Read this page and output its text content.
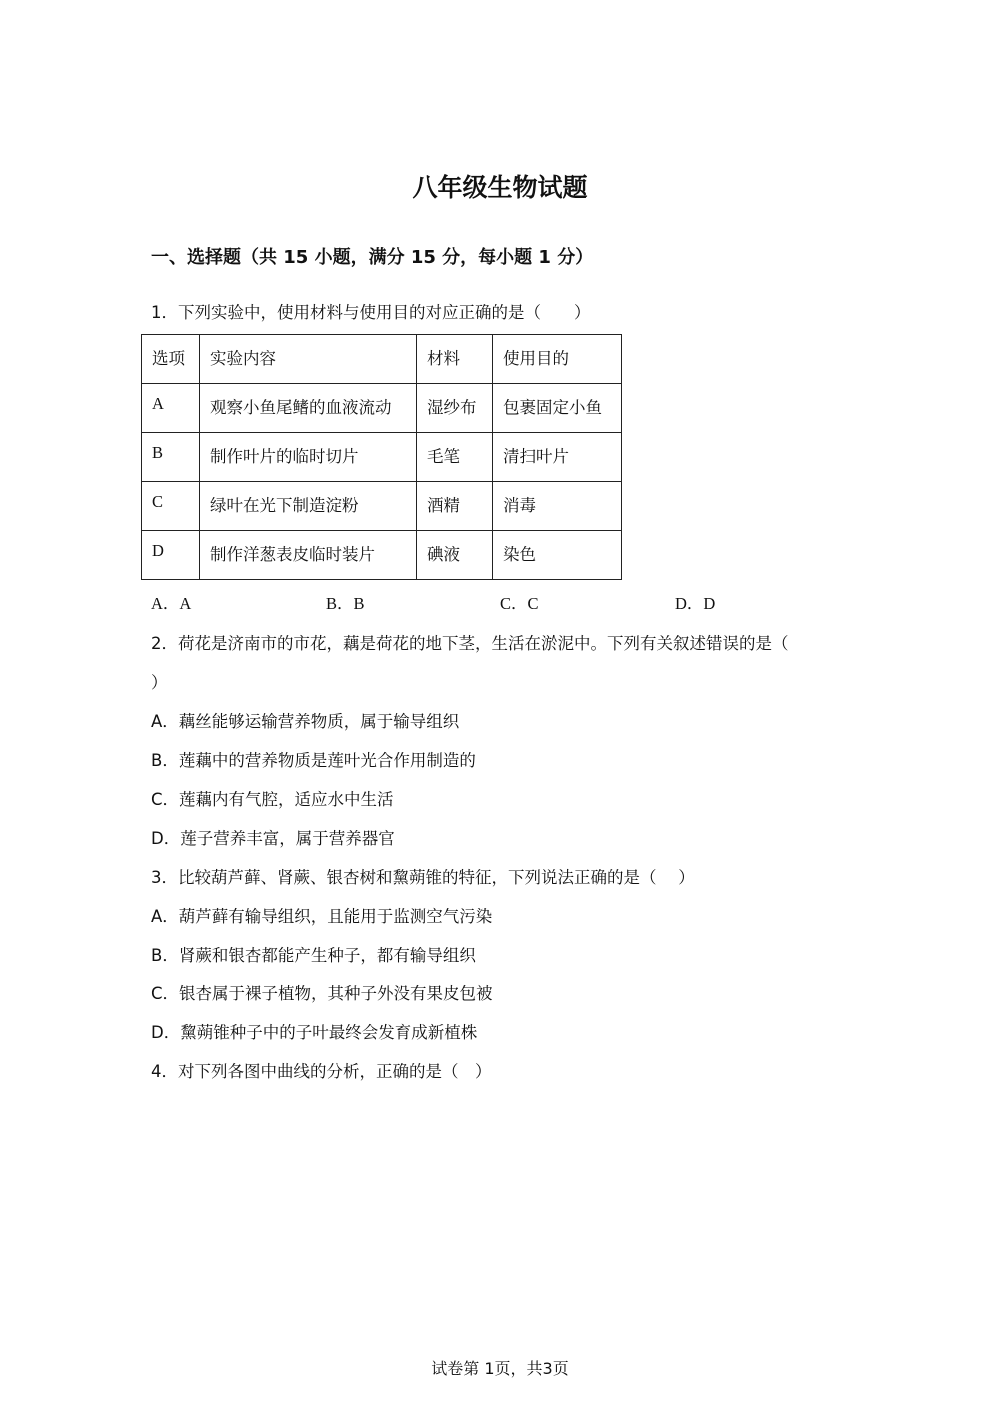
八年级生物试题
一、选择题（共 15 小题，满分 15 分，每小题 1 分）
1．下列实验中，使用材料与使用目的对应正确的是（　　）
选项	实验内容	材料	使用目的
A	观察小鱼尾鳍的血液流动	湿纱布	包裹固定小鱼
B	制作叶片的临时切片	毛笔	清扫叶片
C	绿叶在光下制造淀粉	酒精	消毒
D	制作洋葱表皮临时装片	碘液	染色
A．A	B．B	C．C	D．D
2．荷花是济南市的市花，藕是荷花的地下茎，生活在淤泥中。下列有关叙述错误的是（
）
A．藕丝能够运输营养物质，属于输导组织
B．莲藕中的营养物质是莲叶光合作用制造的
C．莲藕内有气腔，适应水中生活
D．莲子营养丰富，属于营养器官
3．比较葫芦藓、肾蕨、银杏树和黧蒴锥的特征，下列说法正确的是（　 ）
A．葫芦藓有输导组织，且能用于监测空气污染
B．肾蕨和银杏都能产生种子，都有输导组织
C．银杏属于裸子植物，其种子外没有果皮包被
D．黧蒴锥种子中的子叶最终会发育成新植株
4．对下列各图中曲线的分析，正确的是（　）
试卷第 1页，共3页
